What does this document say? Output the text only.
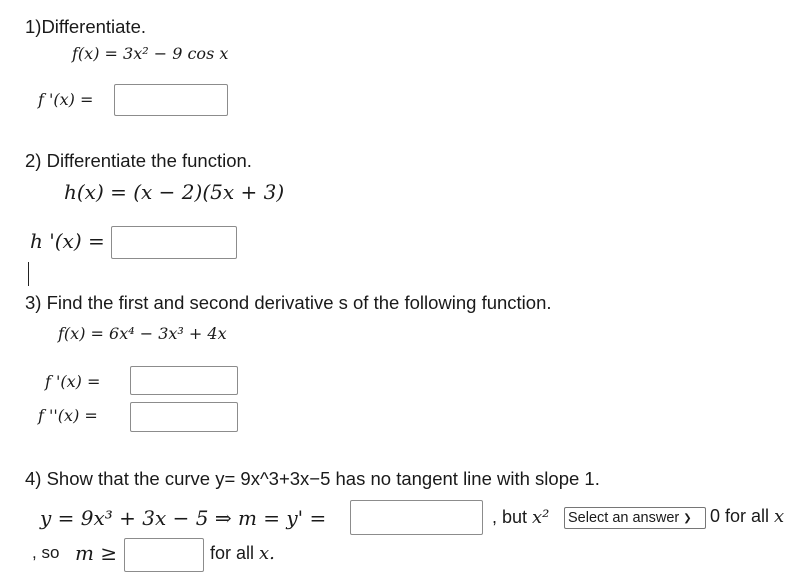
1)Differentiate.
f(x) = 3x² − 9 cos x
f '(x) =
2) Differentiate the function.
h(x) = (x − 2)(5x + 3)
h '(x) =
3) Find the first and second derivative s of the following function.
f(x) = 6x⁴ − 3x³ + 4x
f '(x) =
f ''(x) =
4) Show that the curve y= 9x^3+3x−5 has no tangent line with slope 1.
y = 9x³ + 3x − 5 ⇒ m = y' =	, but x² Select an answer ❯ 0 for all x
, so m ≥	for all x.
